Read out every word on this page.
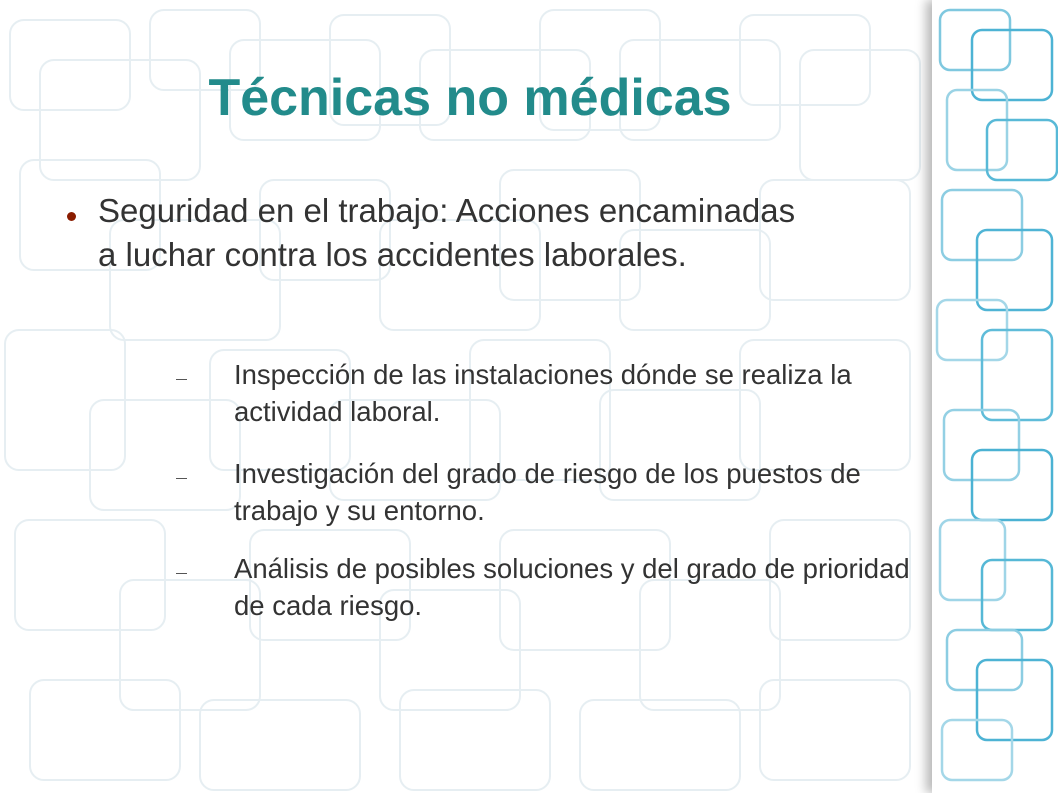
Técnicas no médicas
Seguridad en el trabajo: Acciones encaminadas a luchar contra los accidentes laborales.
Inspección de las instalaciones dónde se realiza la actividad laboral.
Investigación del grado de riesgo de los puestos de trabajo y su entorno.
Análisis de posibles soluciones y del grado de prioridad de cada riesgo.
